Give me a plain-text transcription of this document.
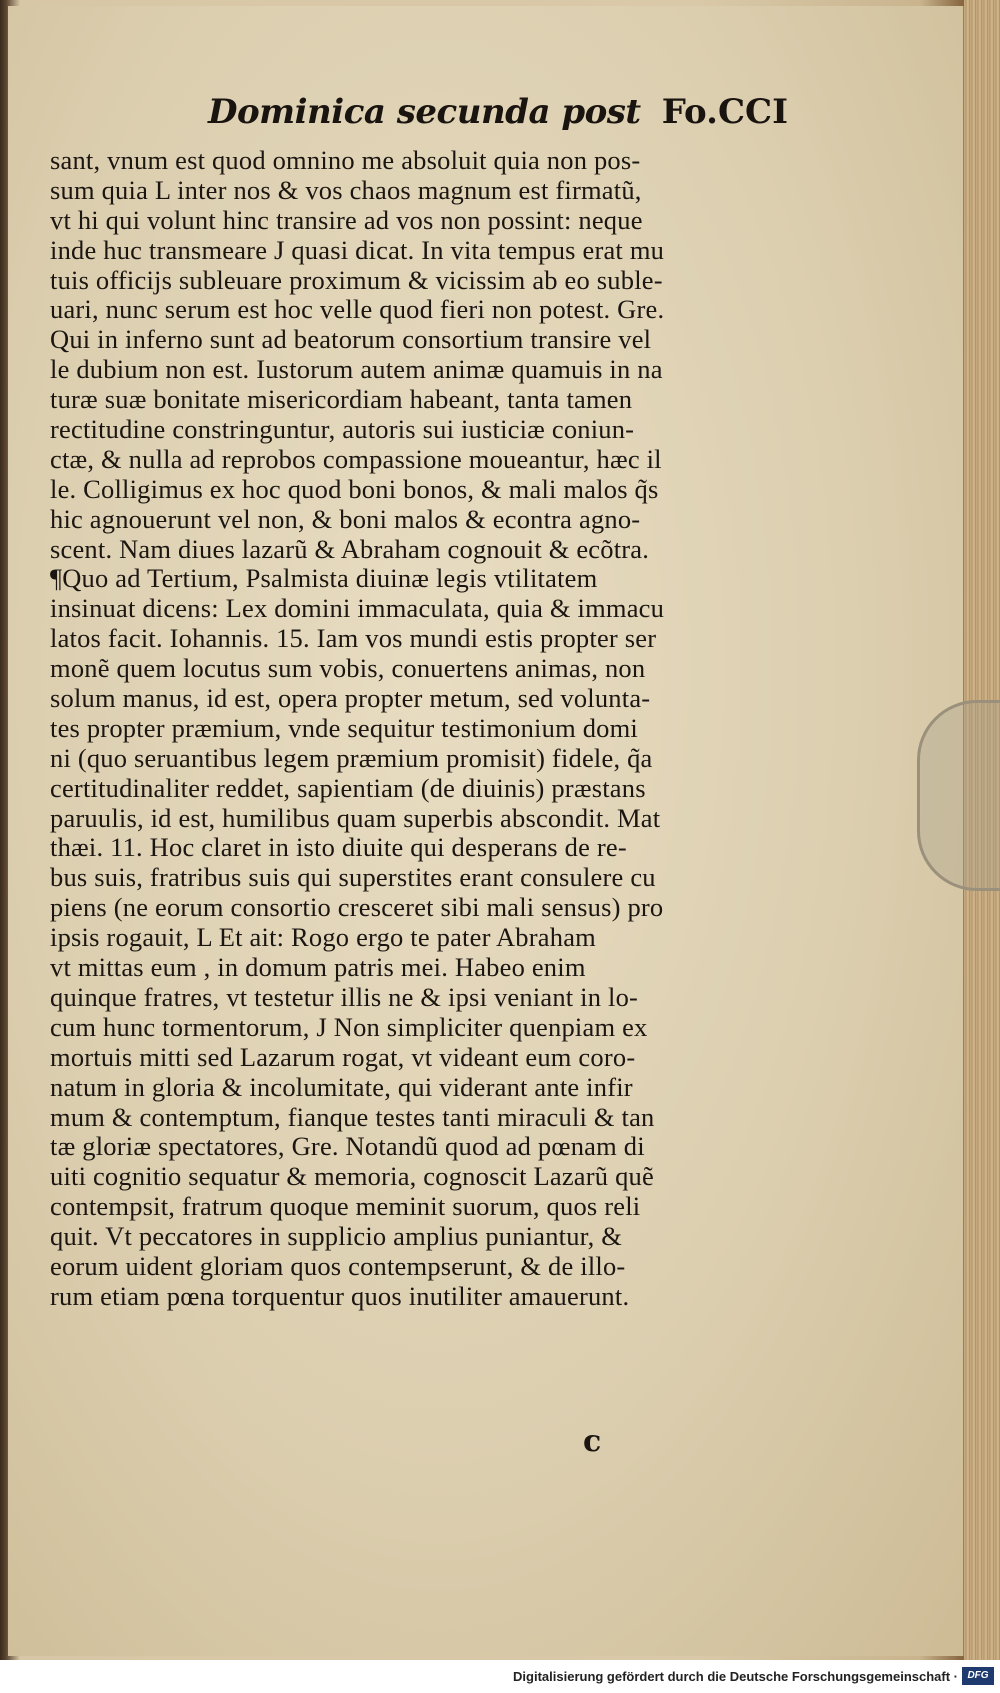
Dominica secunda post Fo.CCI
sant, vnum est quod omnino me absoluit quia non pos-
sum quia L inter nos & vos chaos magnum est firmatũ,
vt hi qui volunt hinc transire ad vos non possint: neque
inde huc transmeare J quasi dicat. In vita tempus erat mu
tuis officijs subleuare proximum & vicissim ab eo suble-
uari, nunc serum est hoc velle quod fieri non potest. Gre.
Qui in inferno sunt ad beatorum consortium transire vel
le dubium non est. Iustorum autem animæ quamuis in na
turæ suæ bonitate misericordiam habeant, tanta tamen
rectitudine constringuntur, autoris sui iusticiæ coniun-
ctæ, & nulla ad reprobos compassione moueantur, hæc il
le. Colligimus ex hoc quod boni bonos, & mali malos q̃s
hic agnouerunt vel non, & boni malos & econtra agno-
scent. Nam diues lazarũ & Abraham cognouit & ecõtra.
¶Quo ad Tertium, Psalmista diuinæ legis vtilitatem
insinuat dicens: Lex domini immaculata, quia & immacu
latos facit. Iohannis. 15. Iam vos mundi estis propter ser
monẽ quem locutus sum vobis, conuertens animas, non
solum manus, id est, opera propter metum, sed volunta-
tes propter præmium, vnde sequitur testimonium domi
ni (quo seruantibus legem præmium promisit) fidele, q̃a
certitudinaliter reddet, sapientiam (de diuinis) præstans
paruulis, id est, humilibus quam superbis abscondit. Mat
thæi. 11. Hoc claret in isto diuite qui desperans de re-
bus suis, fratribus suis qui superstites erant consulere cu
piens (ne eorum consortio cresceret sibi mali sensus) pro
ipsis rogauit, L Et ait: Rogo ergo te pater Abraham
vt mittas eum , in domum patris mei. Habeo enim
quinque fratres, vt testetur illis ne & ipsi veniant in lo-
cum hunc tormentorum, J Non simpliciter quenpiam ex
mortuis mitti sed Lazarum rogat, vt videant eum coro-
natum in gloria & incolumitate, qui viderant ante infir
mum & contemptum, fianque testes tanti miraculi & tan
tæ gloriæ spectatores, Gre. Notandũ quod ad pœnam di
uiti cognitio sequatur & memoria, cognoscit Lazarũ quẽ
contempsit, fratrum quoque meminit suorum, quos reli
quit. Vt peccatores in supplicio amplius puniantur, &
eorum uident gloriam quos contempserunt, & de illo-
rum etiam pœna torquentur quos inutiliter amauerunt.
c
Digitalisierung gefördert durch die Deutsche Forschungsgemeinschaft · DFG
